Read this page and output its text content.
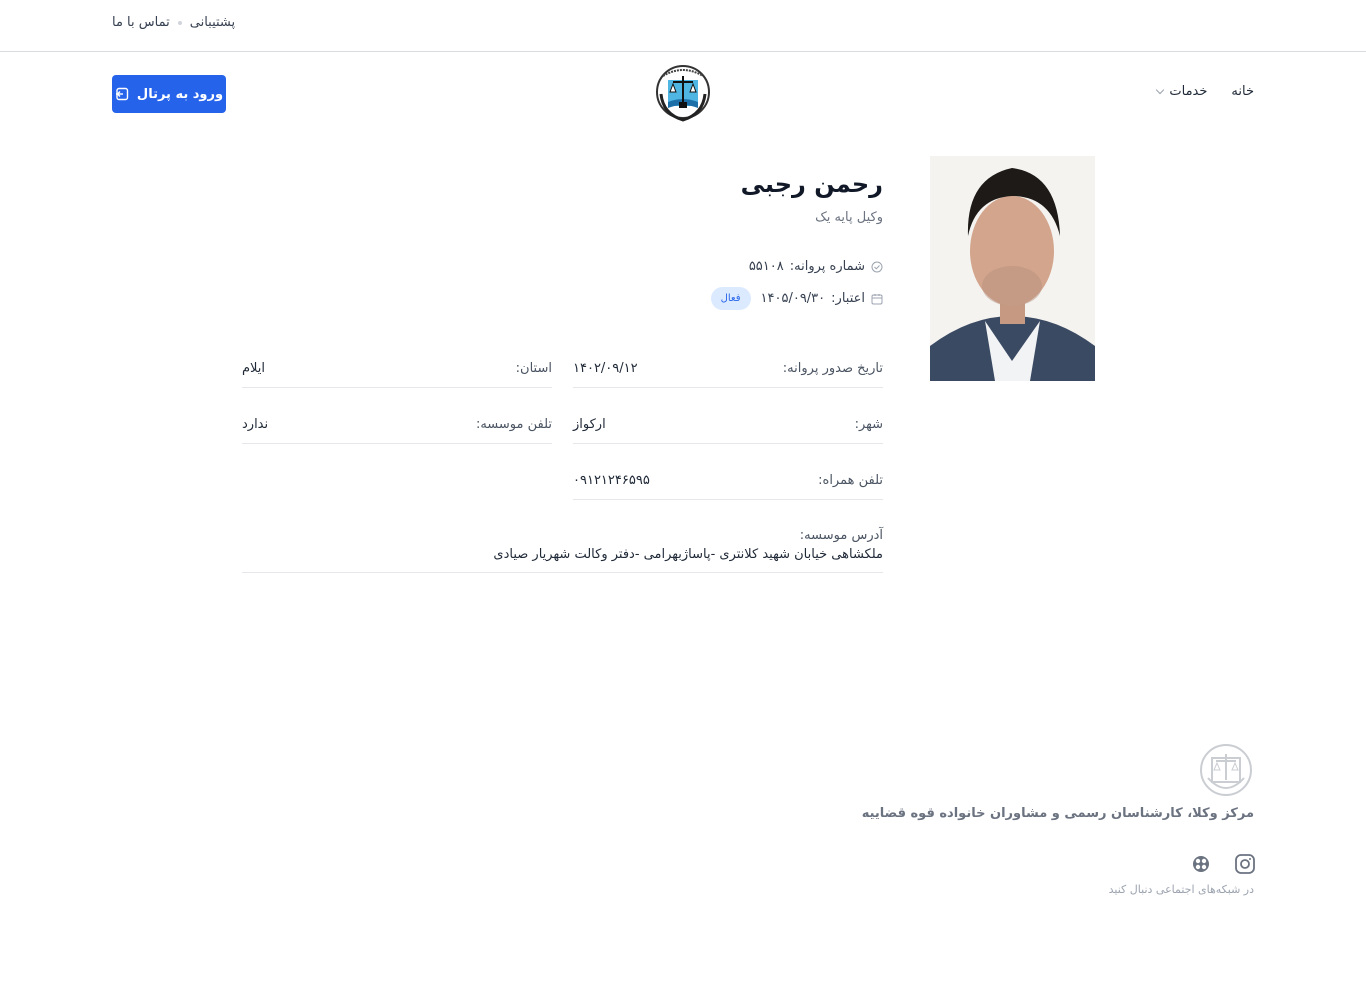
پشتیبانی
تماس با ما
خانه
خدمات
ورود به پرتال
رحمن رجبی
وکیل پایه یک
شماره پروانه:
۵۵۱۰۸
اعتبار:
۱۴۰۵/۰۹/۳۰
فعال
تاریخ صدور پروانه:
۱۴۰۲/۰۹/۱۲
استان:
ایلام
شهر:
ارکواز
تلفن موسسه:
ندارد
تلفن همراه:
۰۹۱۲۱۲۴۶۵۹۵
آدرس موسسه:
ملکشاهی خیابان شهید کلانتری -پاساژبهرامی -دفتر وکالت شهریار صیادی
مرکز وکلا، کارشناسان رسمی و مشاوران خانواده قوه قضاییه
در شبکه‌های اجتماعی دنبال کنید
